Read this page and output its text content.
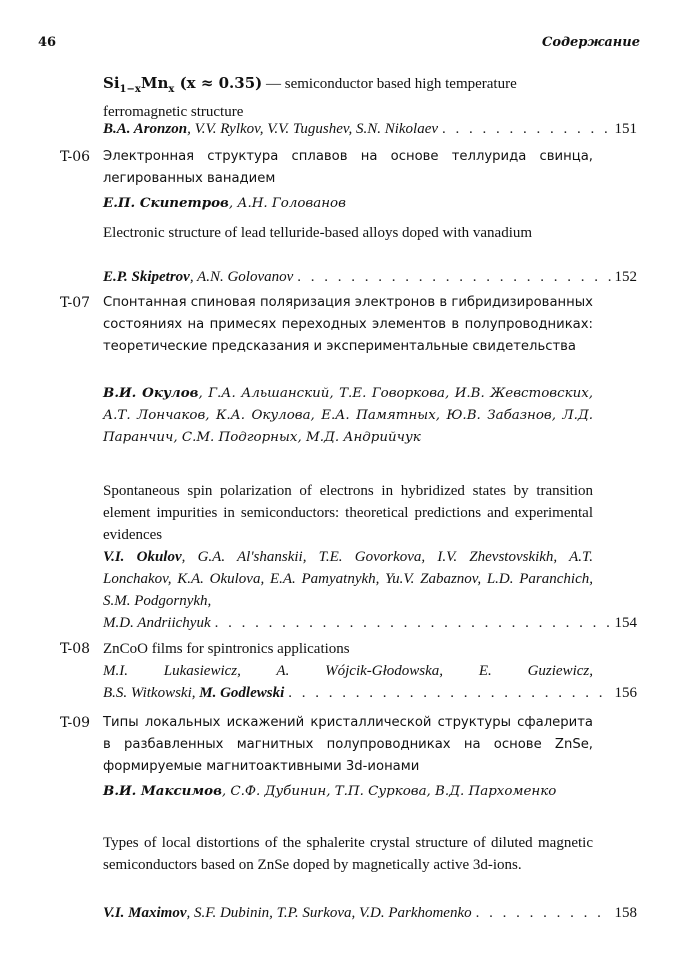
46	Содержание
$Si_{1-x}Mn_x$ (x ≈ 0.35) — semiconductor based high temperature
ferromagnetic structure
B.A. Aronzon, V.V. Rylkov, V.V. Tugushev, S.N. Nikolaev . . .	151
T-06 Электронная структура сплавов на основе теллурида свинца, легированных ванадием
Е.П. Скипетров, А.Н. Голованов
Electronic structure of lead telluride-based alloys doped with vanadium
E.P. Skipetrov, A.N. Golovanov . . .	152
T-07 Спонтанная спиновая поляризация электронов в гибридизированных состояниях на примесях переходных элементов в полупроводниках: теоретические предсказания и экспериментальные свидетельства
В.И. Окулов, Г.А. Альшанский, Т.Е. Говоркова, И.В. Жевстовских, А.Т. Лончаков, К.А. Окулова, Е.А. Памятных, Ю.В. Забазнов, Л.Д. Паранчич, С.М. Подгорных, М.Д. Андрийчук
Spontaneous spin polarization of electrons in hybridized states by transition element impurities in semiconductors: theoretical predictions and experimental evidences
V.I. Okulov, G.A. Al'shanskii, T.E. Govorkova, I.V. Zhevstovskikh, A.T. Lonchakov, K.A. Okulova, E.A. Pamyatnykh, Yu.V. Zabaznov, L.D. Paranchich, S.M. Podgornykh,
M.D. Andriichyuk . . .	154
T-08 ZnCoO films for spintronics applications
M.I. Lukasiewicz, A. Wójcik-Głodowska, E. Guziewicz,
B.S. Witkowski, M. Godlewski . . .	156
T-09 Типы локальных искажений кристаллической структуры сфалерита в разбавленных магнитных полупроводниках на основе ZnSe, формируемые магнитоактивными 3d-ионами
В.И. Максимов, С.Ф. Дубинин, Т.П. Суркова, В.Д. Пархоменко
Types of local distortions of the sphalerite crystal structure of diluted magnetic semiconductors based on ZnSe doped by magnetically active 3d-ions.
V.I. Maximov, S.F. Dubinin, T.P. Surkova, V.D. Parkhomenko . . .	158
